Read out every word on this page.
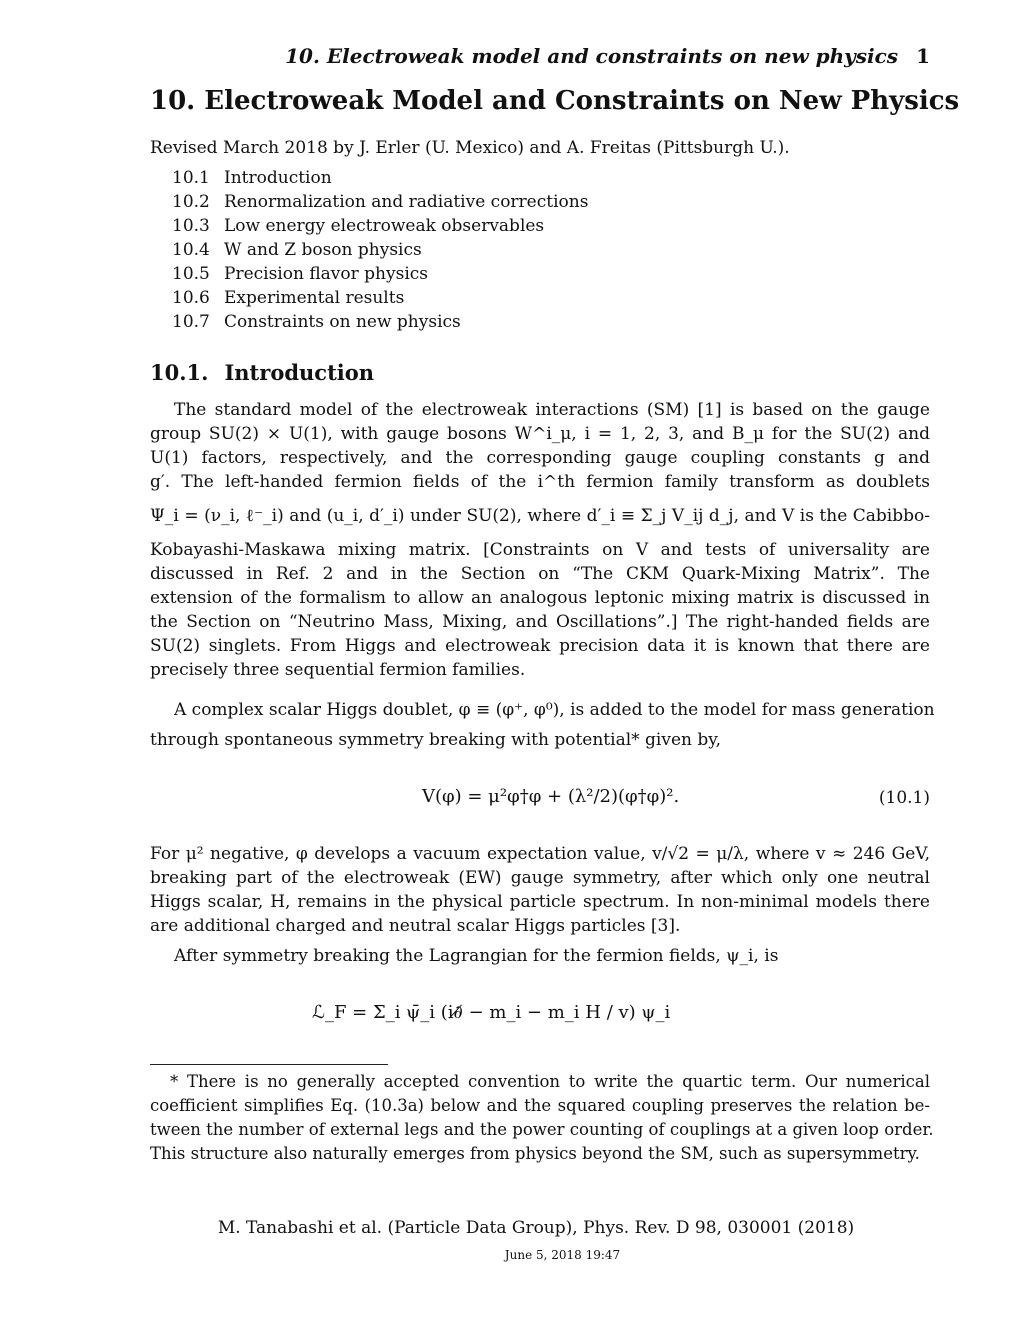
10. Electroweak model and constraints on new physics 1
10. Electroweak Model and Constraints on New Physics
Revised March 2018 by J. Erler (U. Mexico) and A. Freitas (Pittsburgh U.).
10.1 Introduction
10.2 Renormalization and radiative corrections
10.3 Low energy electroweak observables
10.4 W and Z boson physics
10.5 Precision flavor physics
10.6 Experimental results
10.7 Constraints on new physics
10.1. Introduction
The standard model of the electroweak interactions (SM) [1] is based on the gauge
group SU(2) × U(1), with gauge bosons W^i_μ, i = 1, 2, 3, and B_μ for the SU(2) and
U(1) factors, respectively, and the corresponding gauge coupling constants g and
g′. The left-handed fermion fields of the i^th fermion family transform as doublets
Ψ_i = (ν_i, ℓ⁻_i) and (u_i, d′_i) under SU(2), where d′_i ≡ Σ_j V_ij d_j, and V is the Cabibbo-
Kobayashi-Maskawa mixing matrix. [Constraints on V and tests of universality are
discussed in Ref. 2 and in the Section on “The CKM Quark-Mixing Matrix”. The
extension of the formalism to allow an analogous leptonic mixing matrix is discussed in
the Section on “Neutrino Mass, Mixing, and Oscillations”.] The right-handed fields are
SU(2) singlets. From Higgs and electroweak precision data it is known that there are
precisely three sequential fermion families.
A complex scalar Higgs doublet, φ ≡ (φ⁺, φ⁰), is added to the model for mass generation
through spontaneous symmetry breaking with potential* given by,
V(φ) = μ²φ†φ + (λ²/2)(φ†φ)².	(10.1)
For μ² negative, φ develops a vacuum expectation value, v/√2 = μ/λ, where v ≈ 246 GeV,
breaking part of the electroweak (EW) gauge symmetry, after which only one neutral
Higgs scalar, H, remains in the physical particle spectrum. In non-minimal models there
are additional charged and neutral scalar Higgs particles [3].
After symmetry breaking the Lagrangian for the fermion fields, ψ_i, is
ℒ_F = Σ_i ψ̄_i (i∂̸ − m_i − m_i H / v) ψ_i
* There is no generally accepted convention to write the quartic term. Our numerical
coefficient simplifies Eq. (10.3a) below and the squared coupling preserves the relation be-
tween the number of external legs and the power counting of couplings at a given loop order.
This structure also naturally emerges from physics beyond the SM, such as supersymmetry.
M. Tanabashi et al. (Particle Data Group), Phys. Rev. D 98, 030001 (2018)
June 5, 2018 19:47
